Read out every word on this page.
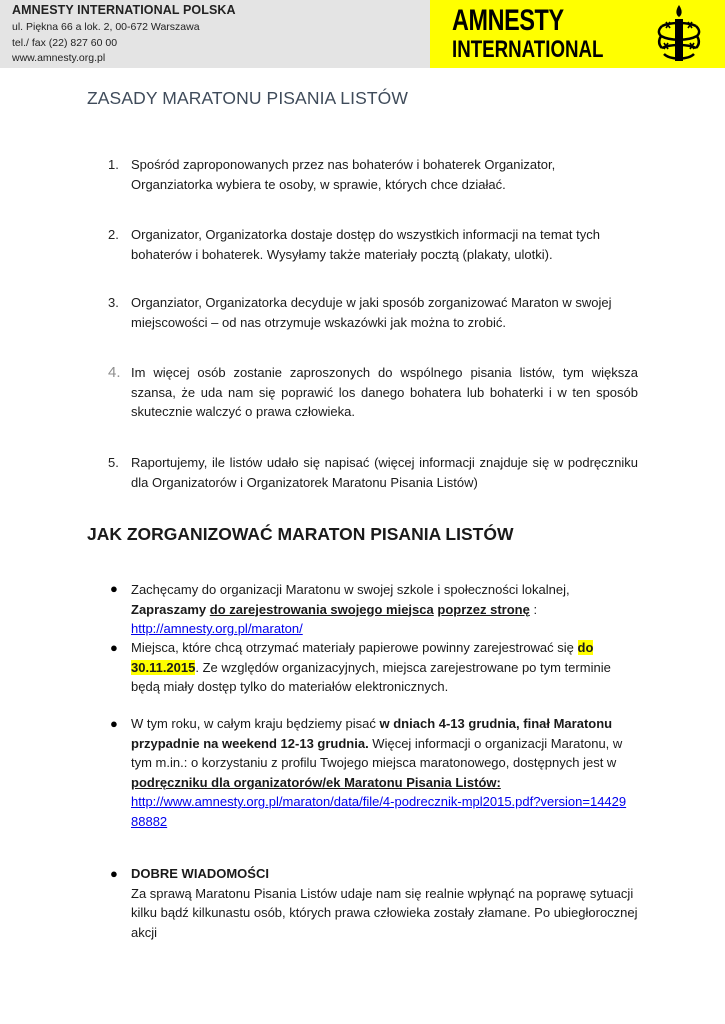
AMNESTY INTERNATIONAL POLSKA
ul. Piękna 66 a lok. 2, 00-672 Warszawa
tel./ fax (22) 827 60 00
www.amnesty.org.pl
AMNESTY
INTERNATIONAL
ZASADY MARATONU PISANIA LISTÓW
1. Spośród zaproponowanych przez nas bohaterów i bohaterek Organizator, Organziatorka wybiera te osoby, w sprawie, których chce działać.
2. Organizator, Organizatorka dostaje dostęp do wszystkich informacji na temat tych bohaterów i bohaterek. Wysyłamy także materiały pocztą (plakaty, ulotki).
3. Organziator, Organizatorka decyduje w jaki sposób zorganizować Maraton w swojej miejscowości – od nas otrzymuje wskazówki jak można to zrobić.
4. Im więcej osób zostanie zaproszonych do wspólnego pisania listów, tym większa szansa, że uda nam się poprawić los danego bohatera lub bohaterki i w ten sposób skutecznie walczyć o prawa człowieka.
5. Raportujemy, ile listów udało się napisać (więcej informacji znajduje się w podręczniku dla Organizatorów i Organizatorek Maratonu Pisania Listów)
JAK ZORGANIZOWAĆ MARATON PISANIA LISTÓW
● Zachęcamy do organizacji Maratonu w swojej szkole i społeczności lokalnej, Zapraszamy do zarejestrowania swojego miejsca poprzez stronę : http://amnesty.org.pl/maraton/
● Miejsca, które chcą otrzymać materiały papierowe powinny zarejestrować się do
30.11.2015. Ze względów organizacyjnych, miejsca zarejestrowane po tym terminie będą miały dostęp tylko do materiałów elektronicznych.
● W tym roku, w całym kraju będziemy pisać w dniach 4-13 grudnia, finał Maratonu przypadnie na weekend 12-13 grudnia. Więcej informacji o organizacji Maratonu, w tym m.in.: o korzystaniu z profilu Twojego miejsca maratonowego, dostępnych jest w podręczniku dla organizatorów/ek Maratonu Pisania Listów:
http://www.amnesty.org.pl/maraton/data/file/4-podrecznik-mpl2015.pdf?version=1442988882
● DOBRE WIADOMOŚCI
Za sprawą Maratonu Pisania Listów udaje nam się realnie wpłynąć na poprawę sytuacji kilku bądź kilkunastu osób, których prawa człowieka zostały złamane. Po ubiegłorocznej akcji
